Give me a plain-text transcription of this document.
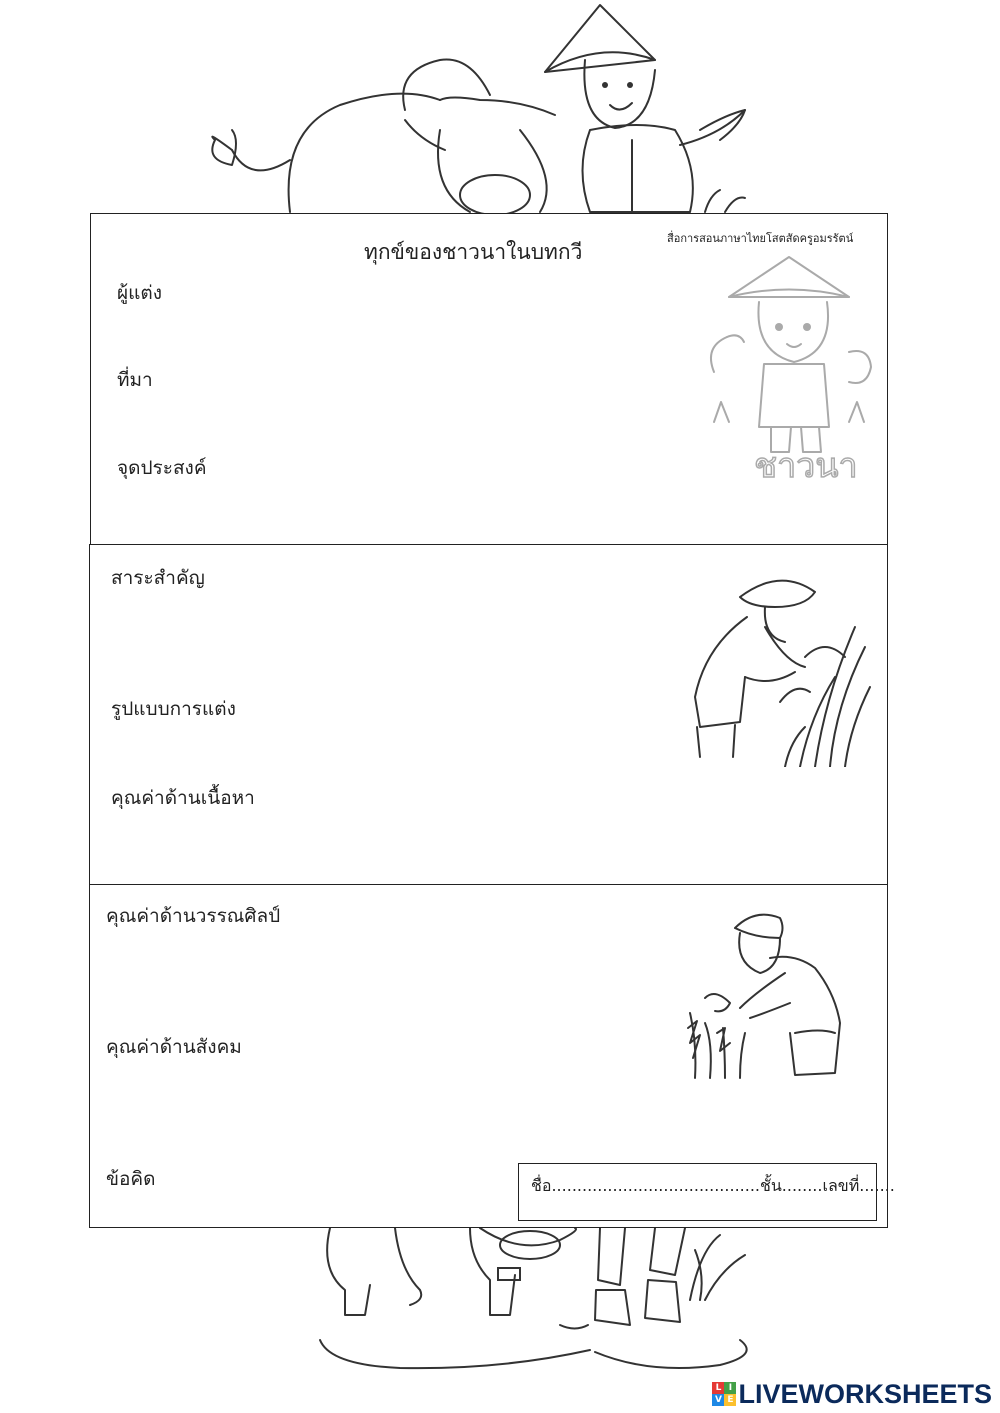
ทุกข์ของชาวนาในบทกวี
สื่อการสอนภาษาไทยโสตสัดครูอมรรัตน์
ผู้แต่ง
ที่มา
จุดประสงค์	ชาวนา
สาระสำคัญ
รูปแบบการแต่ง
คุณค่าด้านเนื้อหา
คุณค่าด้านวรรณศิลป์
คุณค่าด้านสังคม
ข้อคิด	ชื่อ.........................................ชั้น........เลขที่.......
L I
V E LIVEWORKSHEETS
